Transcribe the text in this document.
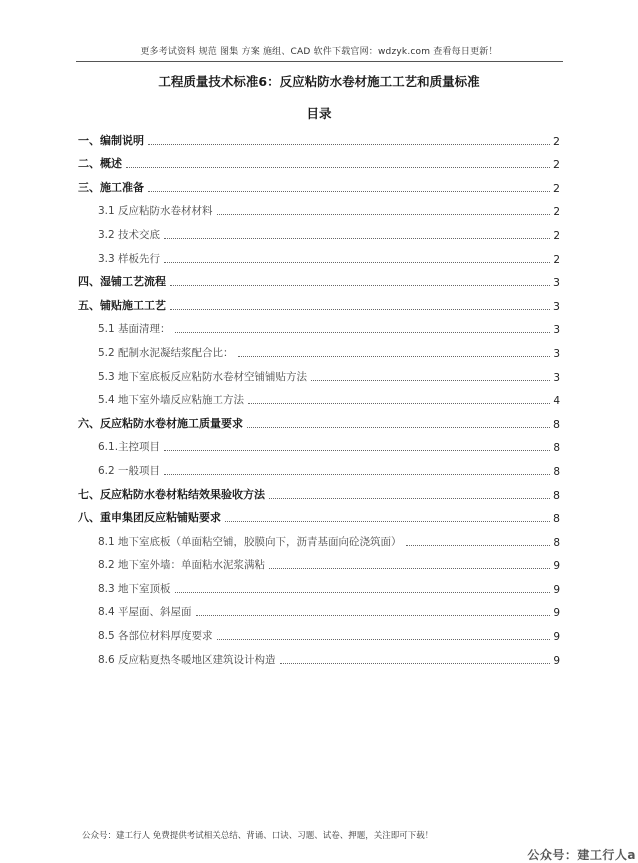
更多考试资料 规范 图集 方案 施组、CAD 软件下载官网：wdzyk.com 查看每日更新！
工程质量技术标准6：反应粘防水卷材施工工艺和质量标准
目录
一、编制说明	2
二、概述	2
三、施工准备	2
3.1 反应粘防水卷材材料	2
3.2 技术交底	2
3.3 样板先行	2
四、湿铺工艺流程	3
五、铺贴施工工艺	3
5.1 基面清理：	3
5.2 配制水泥凝结浆配合比：	3
5.3 地下室底板反应粘防水卷材空铺铺贴方法	3
5.4 地下室外墙反应粘施工方法	4
六、反应粘防水卷材施工质量要求	8
6.1.主控项目	8
6.2 一般项目	8
七、反应粘防水卷材粘结效果验收方法	8
八、重申集团反应粘铺贴要求	8
8.1 地下室底板（单面粘空铺，胶膜向下，沥青基面向砼浇筑面）	8
8.2 地下室外墙：单面粘水泥浆满粘	9
8.3 地下室顶板	9
8.4 平屋面、斜屋面	9
8.5 各部位材料厚度要求	9
8.6 反应粘夏热冬暖地区建筑设计构造	9
公众号：建工行人 免费提供考试相关总结、背诵、口诀、习题、试卷、押题，关注即可下载！
公众号：建工行人a
